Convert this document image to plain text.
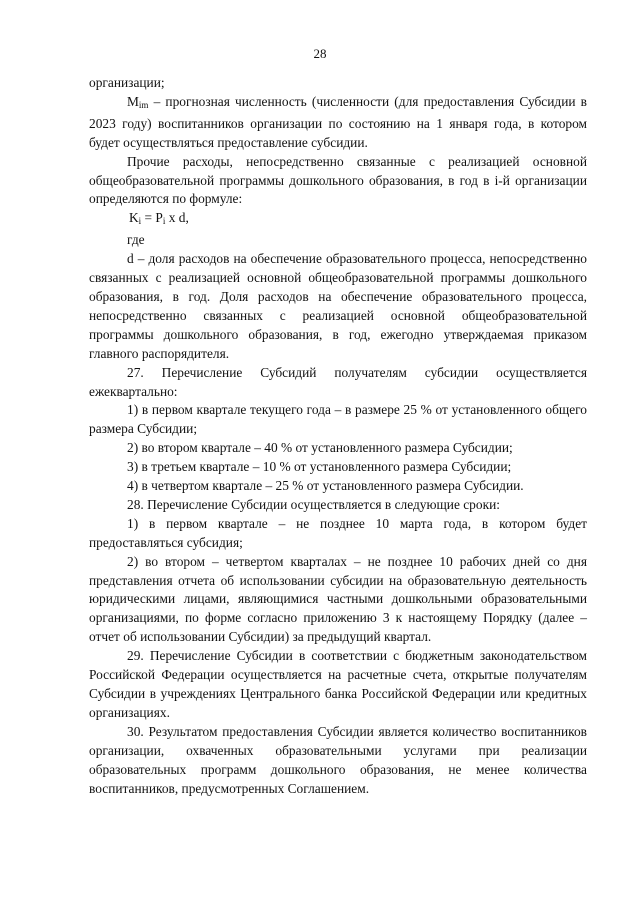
28

организации;

$M_{im}$ – прогнозная численность (численности (для предоставления Субсидии в 2023 году) воспитанников организации по состоянию на 1 января года, в котором будет осуществляться предоставление субсидии.

Прочие расходы, непосредственно связанные с реализацией основной общеобразовательной программы дошкольного образования, в год в i-й организации определяются по формуле:

$K_i = P_i$ x d,

где

d – доля расходов на обеспечение образовательного процесса, непосредственно связанных с реализацией основной общеобразовательной программы дошкольного образования, в год. Доля расходов на обеспечение образовательного процесса, непосредственно связанных с реализацией основной общеобразовательной программы дошкольного образования, в год, ежегодно утверждаемая приказом главного распорядителя.

27. Перечисление Субсидий получателям субсидии осуществляется ежеквартально:

1) в первом квартале текущего года – в размере 25 % от установленного общего размера Субсидии;

2) во втором квартале – 40 % от установленного размера Субсидии;

3) в третьем квартале – 10 % от установленного размера Субсидии;

4) в четвертом квартале – 25 % от установленного размера Субсидии.

28. Перечисление Субсидии осуществляется в следующие сроки:

1) в первом квартале – не позднее 10 марта года, в котором будет предоставляться субсидия;

2) во втором – четвертом кварталах – не позднее 10 рабочих дней со дня представления отчета об использовании субсидии на образовательную деятельность юридическими лицами, являющимися частными дошкольными образовательными организациями, по форме согласно приложению 3 к настоящему Порядку (далее – отчет об использовании Субсидии) за предыдущий квартал.

29. Перечисление Субсидии в соответствии с бюджетным законодательством Российской Федерации осуществляется на расчетные счета, открытые получателям Субсидии в учреждениях Центрального банка Российской Федерации или кредитных организациях.

30. Результатом предоставления Субсидии является количество воспитанников организации, охваченных образовательными услугами при реализации образовательных программ дошкольного образования, не менее количества воспитанников, предусмотренных Соглашением.
